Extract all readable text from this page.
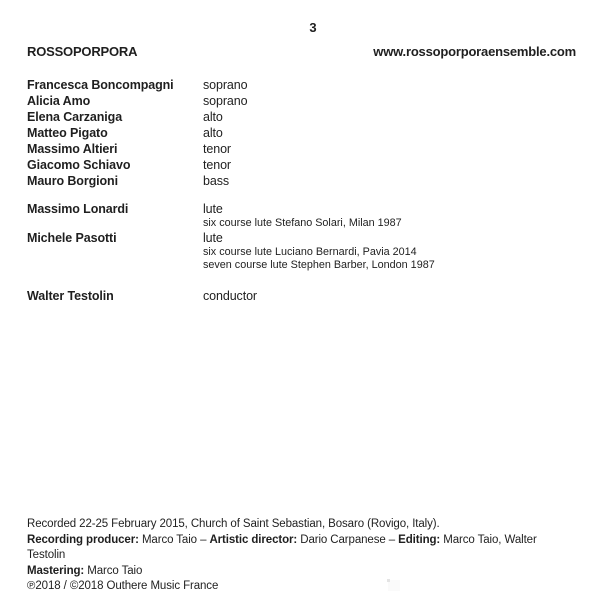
3
ROSSOPORPORA	www.rossoporporaensemble.com
Francesca Boncompagni	soprano
Alicia Amo	soprano
Elena Carzaniga	alto
Matteo Pigato	alto
Massimo Altieri	tenor
Giacomo Schiavo	tenor
Mauro Borgioni	bass
Massimo Lonardi	lute
six course lute Stefano Solari, Milan 1987
Michele Pasotti	lute
six course lute Luciano Bernardi, Pavia 2014
seven course lute Stephen Barber, London 1987
Walter Testolin	conductor
Recorded 22-25 February 2015, Church of Saint Sebastian, Bosaro (Rovigo, Italy).
Recording producer: Marco Taio – Artistic director: Dario Carpanese – Editing: Marco Taio, Walter Testolin
Mastering: Marco Taio
℗2018 / ©2018 Outhere Music France
